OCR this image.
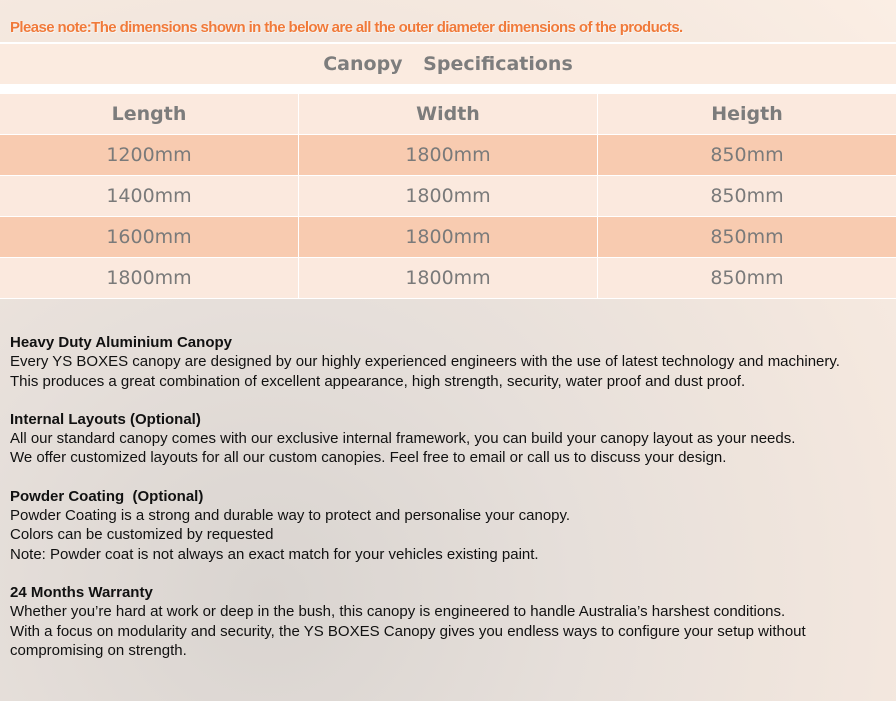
Please note:The dimensions shown in the below are all the outer diameter dimensions of the products.
Canopy Specifications
Length	Width	Heigth
1200mm	1800mm	850mm
1400mm	1800mm	850mm
1600mm	1800mm	850mm
1800mm	1800mm	850mm
Heavy Duty Aluminium Canopy

Every YS BOXES canopy are designed by our highly experienced engineers with the use of latest technology and machinery.

This produces a great combination of excellent appearance, high strength, security, water proof and dust proof.

Internal Layouts (Optional)

All our standard canopy comes with our exclusive internal framework, you can build your canopy layout as your needs.

We offer customized layouts for all our custom canopies. Feel free to email or call us to discuss your design.

Powder Coating  (Optional)

Powder Coating is a strong and durable way to protect and personalise your canopy.

Colors can be customized by requested

Note: Powder coat is not always an exact match for your vehicles existing paint.

24 Months Warranty

Whether you’re hard at work or deep in the bush, this canopy is engineered to handle Australia’s harshest conditions.

With a focus on modularity and security, the YS BOXES Canopy gives you endless ways to configure your setup without compromising on strength.
